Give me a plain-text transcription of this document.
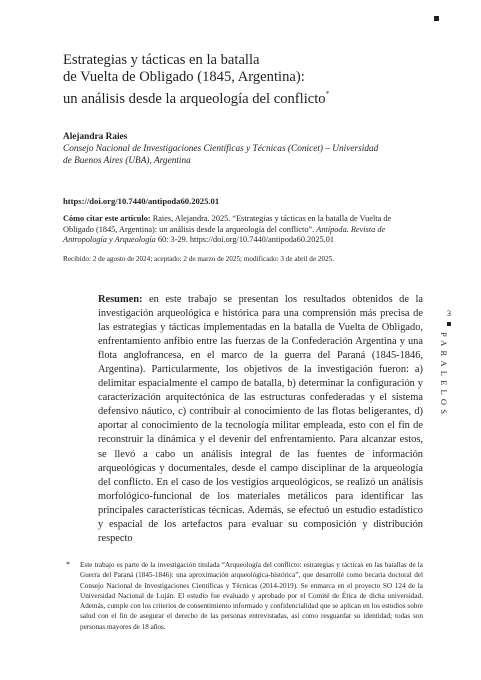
Estrategias y tácticas en la batalla
de Vuelta de Obligado (1845, Argentina):
un análisis desde la arqueología del conflicto*
Alejandra Raies
Consejo Nacional de Investigaciones Científicas y Técnicas (Conicet) – Universidad
de Buenos Aires (UBA), Argentina
https://doi.org/10.7440/antipoda60.2025.01
Cómo citar este artículo: Raies, Alejandra. 2025. “Estrategias y tácticas en la batalla de Vuelta de Obligado (1845, Argentina): un análisis desde la arqueología del conflicto”. Antípoda. Revista de Antropología y Arqueología 60: 3-29. https://doi.org/10.7440/antipoda60.2025.01
Recibido: 2 de agosto de 2024; aceptado: 2 de marzo de 2025; modificado: 3 de abril de 2025.
Resumen: en este trabajo se presentan los resultados obtenidos de la investigación arqueológica e histórica para una comprensión más precisa de las estrategias y tácticas implementadas en la batalla de Vuelta de Obligado, enfrentamiento anfibio entre las fuerzas de la Confederación Argentina y una flota anglofrancesa, en el marco de la guerra del Paraná (1845-1846, Argentina). Particularmente, los objetivos de la investigación fueron: a) delimitar espacialmente el campo de batalla, b) determinar la configuración y caracterización arquitectónica de las estructuras confederadas y el sistema defensivo náutico, c) contribuir al conocimiento de las flotas beligerantes, d) aportar al conocimiento de la tecnología militar empleada, esto con el fin de reconstruir la dinámica y el devenir del enfrentamiento. Para alcanzar estos, se llevó a cabo un análisis integral de las fuentes de información arqueológicas y documentales, desde el campo disciplinar de la arqueología del conflicto. En el caso de los vestigios arqueológicos, se realizó un análisis morfológico-funcional de los materiales metálicos para identificar las principales características técnicas. Además, se efectuó un estudio estadístico y espacial de los artefactos para evaluar su composición y distribución respecto
3
PARALELOS
* Este trabajo es parte de la investigación titulada “Arqueología del conflicto: estrategias y tácticas en las batallas de la Guerra del Paraná (1845-1846): una aproximación arqueológica-histórica”, que desarrollé como becaria doctoral del Consejo Nacional de Investigaciones Científicas y Técnicas (2014-2019). Se enmarca en el proyecto SO 124 de la Universidad Nacional de Luján. El estudio fue evaluado y aprobado por el Comité de Ética de dicha universidad. Además, cumple con los criterios de consentimiento informado y confidencialidad que se aplican en los estudios sobre salud con el fin de asegurar el derecho de las personas entrevistadas, así como resguardar su identidad; todas son personas mayores de 18 años.
